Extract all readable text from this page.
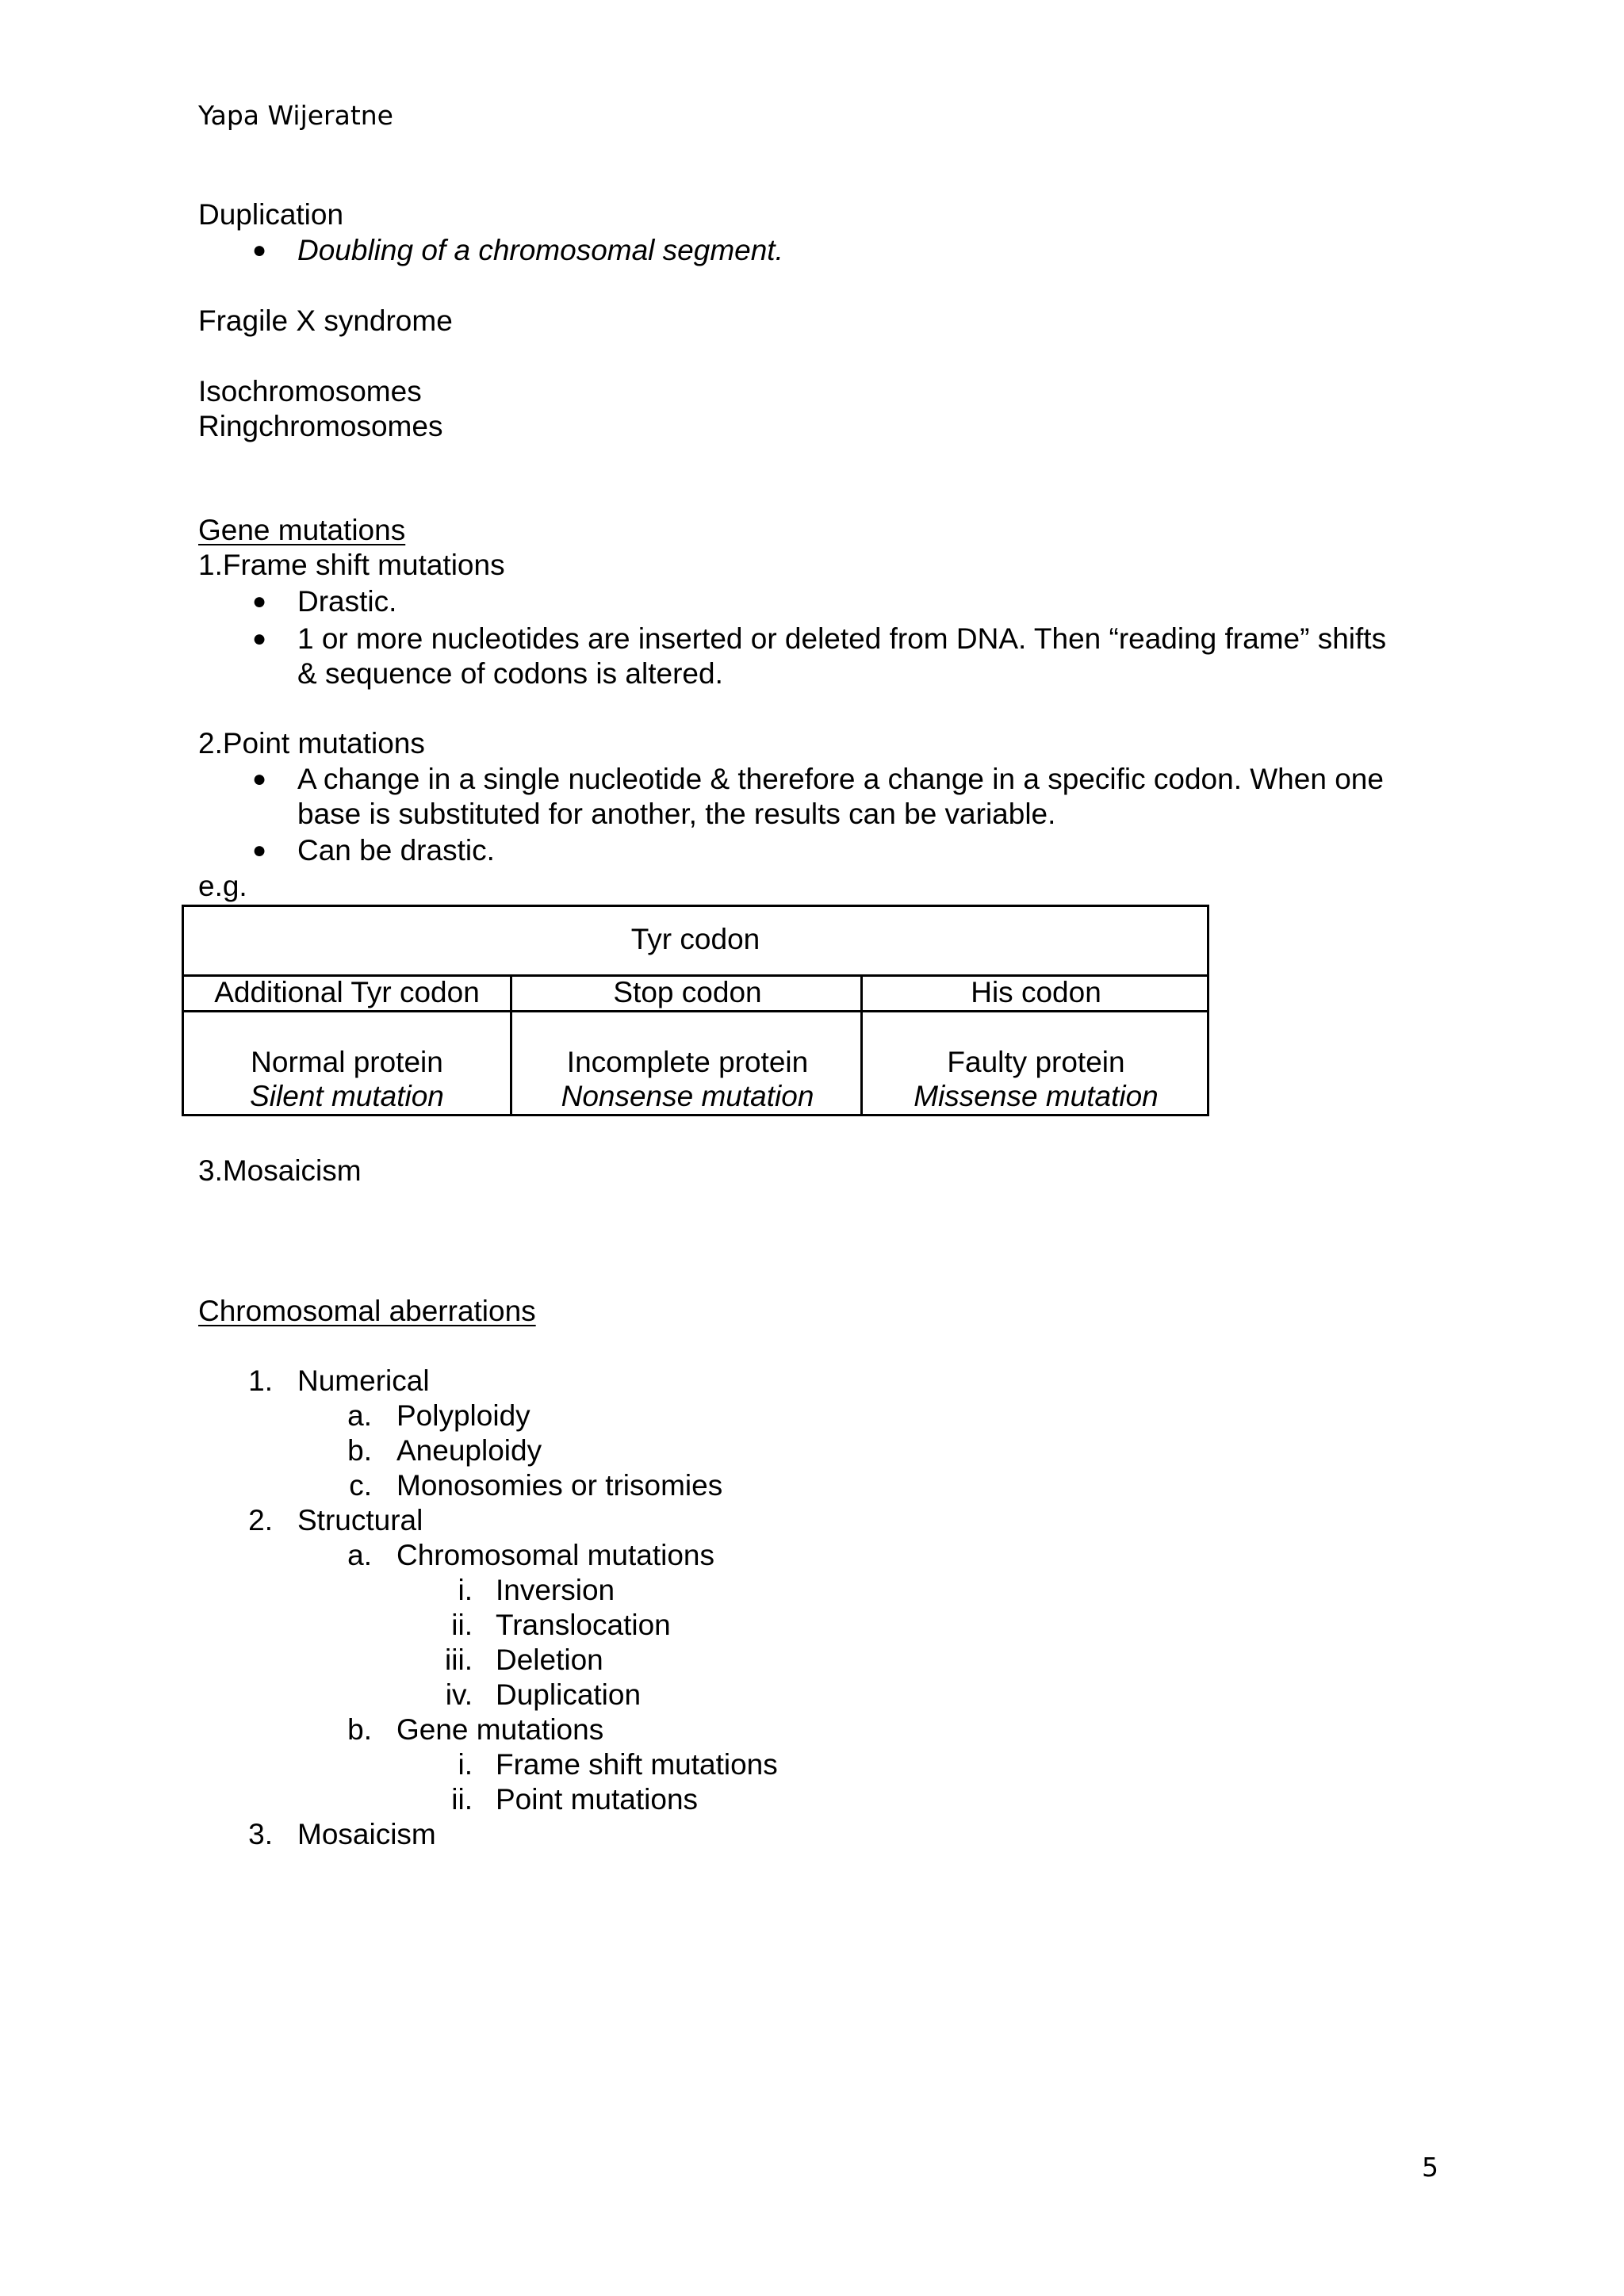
Yapa Wijeratne
Duplication
● Doubling of a chromosomal segment.
Fragile X syndrome
Isochromosomes
Ringchromosomes
Gene mutations
1.Frame shift mutations
● Drastic.
● 1 or more nucleotides are inserted or deleted from DNA. Then “reading frame” shifts
& sequence of codons is altered.
2.Point mutations
● A change in a single nucleotide & therefore a change in a specific codon. When one
base is substituted for another, the results can be variable.
● Can be drastic.
e.g.
Tyr codon
Additional Tyr codon	Stop codon	His codon
Normal protein	Incomplete protein	Faulty protein
Silent mutation	Nonsense mutation	Missense mutation
3.Mosaicism
Chromosomal aberrations
1. Numerical
a. Polyploidy
b. Aneuploidy
c. Monosomies or trisomies
2. Structural
a. Chromosomal mutations
i. Inversion
ii. Translocation
iii. Deletion
iv. Duplication
b. Gene mutations
i. Frame shift mutations
ii. Point mutations
3. Mosaicism
5
